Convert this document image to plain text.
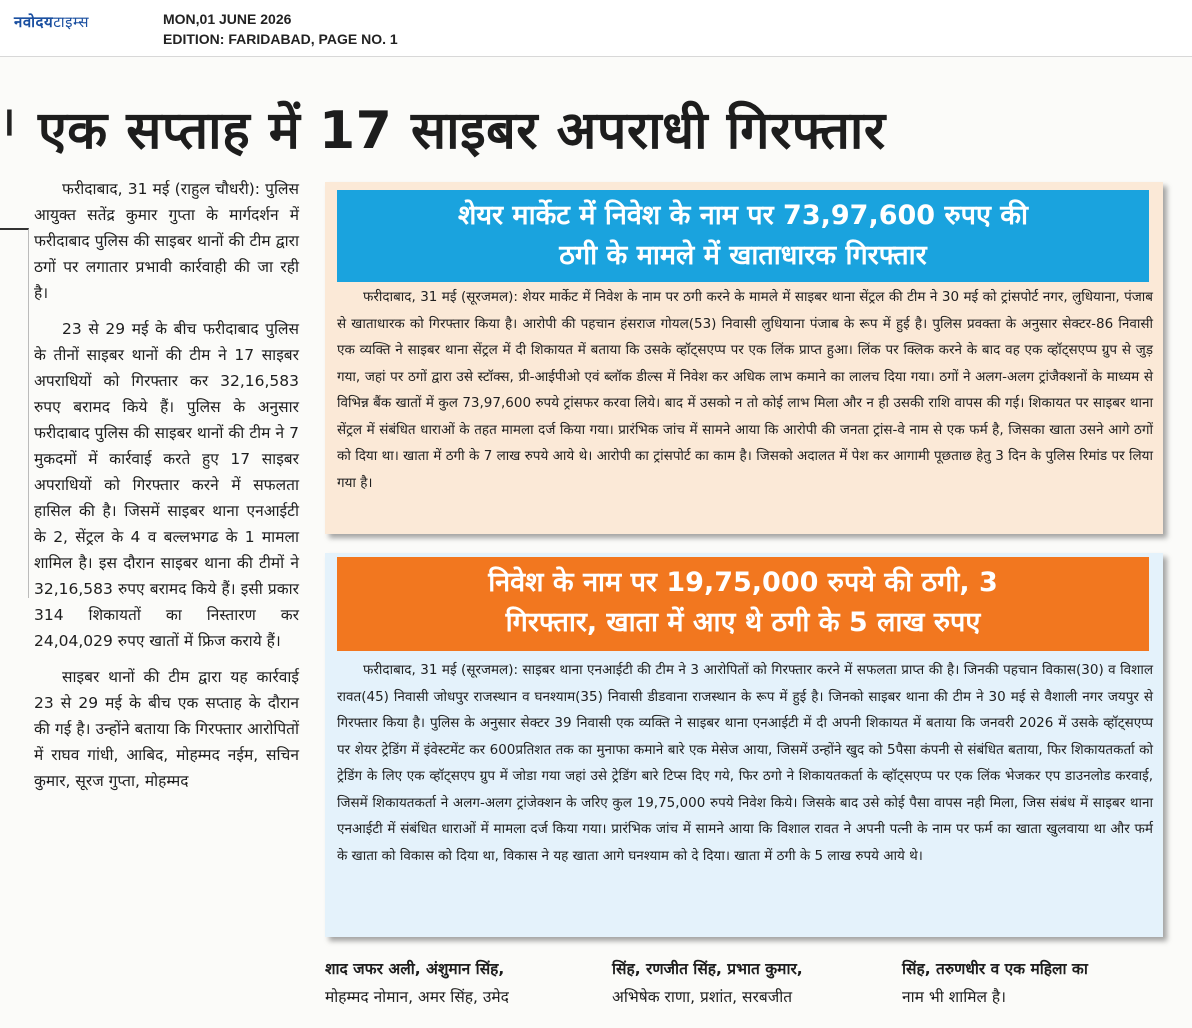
नवोदयटाइम्स	MON,01 JUNE 2026
EDITION: FARIDABAD, PAGE NO. 1
। एक सप्ताह में 17 साइबर अपराधी गिरफ्तार

फरीदाबाद, 31 मई (राहुल चौधरी): पुलिस आयुक्त सतेंद्र कुमार गुप्ता के मार्गदर्शन में फरीदाबाद पुलिस की साइबर थानों की टीम द्वारा ठगों पर लगातार प्रभावी कार्रवाही की जा रही है।

23 से 29 मई के बीच फरीदाबाद पुलिस के तीनों साइबर थानों की टीम ने 17 साइबर अपराधियों को गिरफ्तार कर 32,16,583 रुपए बरामद किये हैं। पुलिस के अनुसार फरीदाबाद पुलिस की साइबर थानों की टीम ने 7 मुकदमों में कार्रवाई करते हुए 17 साइबर अपराधियों को गिरफ्तार करने में सफलता हासिल की है। जिसमें साइबर थाना एनआईटी के 2, सेंट्रल के 4 व बल्लभगढ के 1 मामला शामिल है। इस दौरान साइबर थाना की टीमों ने 32,16,583 रुपए बरामद किये हैं। इसी प्रकार 314 शिकायतों का निस्तारण कर 24,04,029 रुपए खातों में फ्रिज कराये हैं।

साइबर थानों की टीम द्वारा यह कार्रवाई 23 से 29 मई के बीच एक सप्ताह के दौरान की गई है। उन्होंने बताया कि गिरफ्तार आरोपितों में राघव गांधी, आबिद, मोहम्मद नईम, सचिन कुमार, सूरज गुप्ता, मोहम्मद

शेयर मार्केट में निवेश के नाम पर 73,97,600 रुपए की
ठगी के मामले में खाताधारक गिरफ्तार
फरीदाबाद, 31 मई (सूरजमल): शेयर मार्केट में निवेश के नाम पर ठगी करने के मामले में साइबर थाना सेंट्रल की टीम ने 30 मई को ट्रांसपोर्ट नगर, लुधियाना, पंजाब से खाताधारक को गिरफ्तार किया है। आरोपी की पहचान हंसराज गोयल(53) निवासी लुधियाना पंजाब के रूप में हुई है। पुलिस प्रवक्ता के अनुसार सेक्टर-86 निवासी एक व्यक्ति ने साइबर थाना सेंट्रल में दी शिकायत में बताया कि उसके व्हॉट्सएप्प पर एक लिंक प्राप्त हुआ। लिंक पर क्लिक करने के बाद वह एक व्हॉट्सएप्प ग्रुप से जुड़ गया, जहां पर ठगों द्वारा उसे स्टॉक्स, प्री-आईपीओ एवं ब्लॉक डील्स में निवेश कर अधिक लाभ कमाने का लालच दिया गया। ठगों ने अलग-अलग ट्रांजैक्शनों के माध्यम से विभिन्न बैंक खातों में कुल 73,97,600 रुपये ट्रांसफर करवा लिये। बाद में उसको न तो कोई लाभ मिला और न ही उसकी राशि वापस की गई। शिकायत पर साइबर थाना सेंट्रल में संबंधित धाराओं के तहत मामला दर्ज किया गया। प्रारंभिक जांच में सामने आया कि आरोपी की जनता ट्रांस-वे नाम से एक फर्म है, जिसका खाता उसने आगे ठगों को दिया था। खाता में ठगी के 7 लाख रुपये आये थे। आरोपी का ट्रांसपोर्ट का काम है। जिसको अदालत में पेश कर आगामी पूछताछ हेतु 3 दिन के पुलिस रिमांड पर लिया गया है।
निवेश के नाम पर 19,75,000 रुपये की ठगी, 3
गिरफ्तार, खाता में आए थे ठगी के 5 लाख रुपए
फरीदाबाद, 31 मई (सूरजमल): साइबर थाना एनआईटी की टीम ने 3 आरोपितों को गिरफ्तार करने में सफलता प्राप्त की है। जिनकी पहचान विकास(30) व विशाल रावत(45) निवासी जोधपुर राजस्थान व घनश्याम(35) निवासी डीडवाना राजस्थान के रूप में हुई है। जिनको साइबर थाना की टीम ने 30 मई से वैशाली नगर जयपुर से गिरफ्तार किया है। पुलिस के अनुसार सेक्टर 39 निवासी एक व्यक्ति ने साइबर थाना एनआईटी में दी अपनी शिकायत में बताया कि जनवरी 2026 में उसके व्हॉट्सएप्प पर शेयर ट्रेडिंग में इंवेस्टमेंट कर 600प्रतिशत तक का मुनाफा कमाने बारे एक मेसेज आया, जिसमें उन्होंने खुद को 5पैसा कंपनी से संबंधित बताया, फिर शिकायतकर्ता को ट्रेडिंग के लिए एक व्हॉट्सएप ग्रुप में जोडा गया जहां उसे ट्रेडिंग बारे टिप्स दिए गये, फिर ठगो ने शिकायतकर्ता के व्हॉट्सएप्प पर एक लिंक भेजकर एप डाउनलोड करवाई, जिसमें शिकायतकर्ता ने अलग-अलग ट्रांजेक्शन के जरिए कुल 19,75,000 रुपये निवेश किये। जिसके बाद उसे कोई पैसा वापस नही मिला, जिस संबंध में साइबर थाना एनआईटी में संबंधित धाराओं में मामला दर्ज किया गया। प्रारंभिक जांच में सामने आया कि विशाल रावत ने अपनी पत्नी के नाम पर फर्म का खाता खुलवाया था और फर्म के खाता को विकास को दिया था, विकास ने यह खाता आगे घनश्याम को दे दिया। खाता में ठगी के 5 लाख रुपये आये थे।
शाद जफर अली, अंशुमान सिंह,
मोहम्मद नोमान, अमर सिंह, उमेद
सिंह, रणजीत सिंह, प्रभात कुमार,
अभिषेक राणा, प्रशांत, सरबजीत
सिंह, तरुणधीर व एक महिला का
नाम भी शामिल है।
